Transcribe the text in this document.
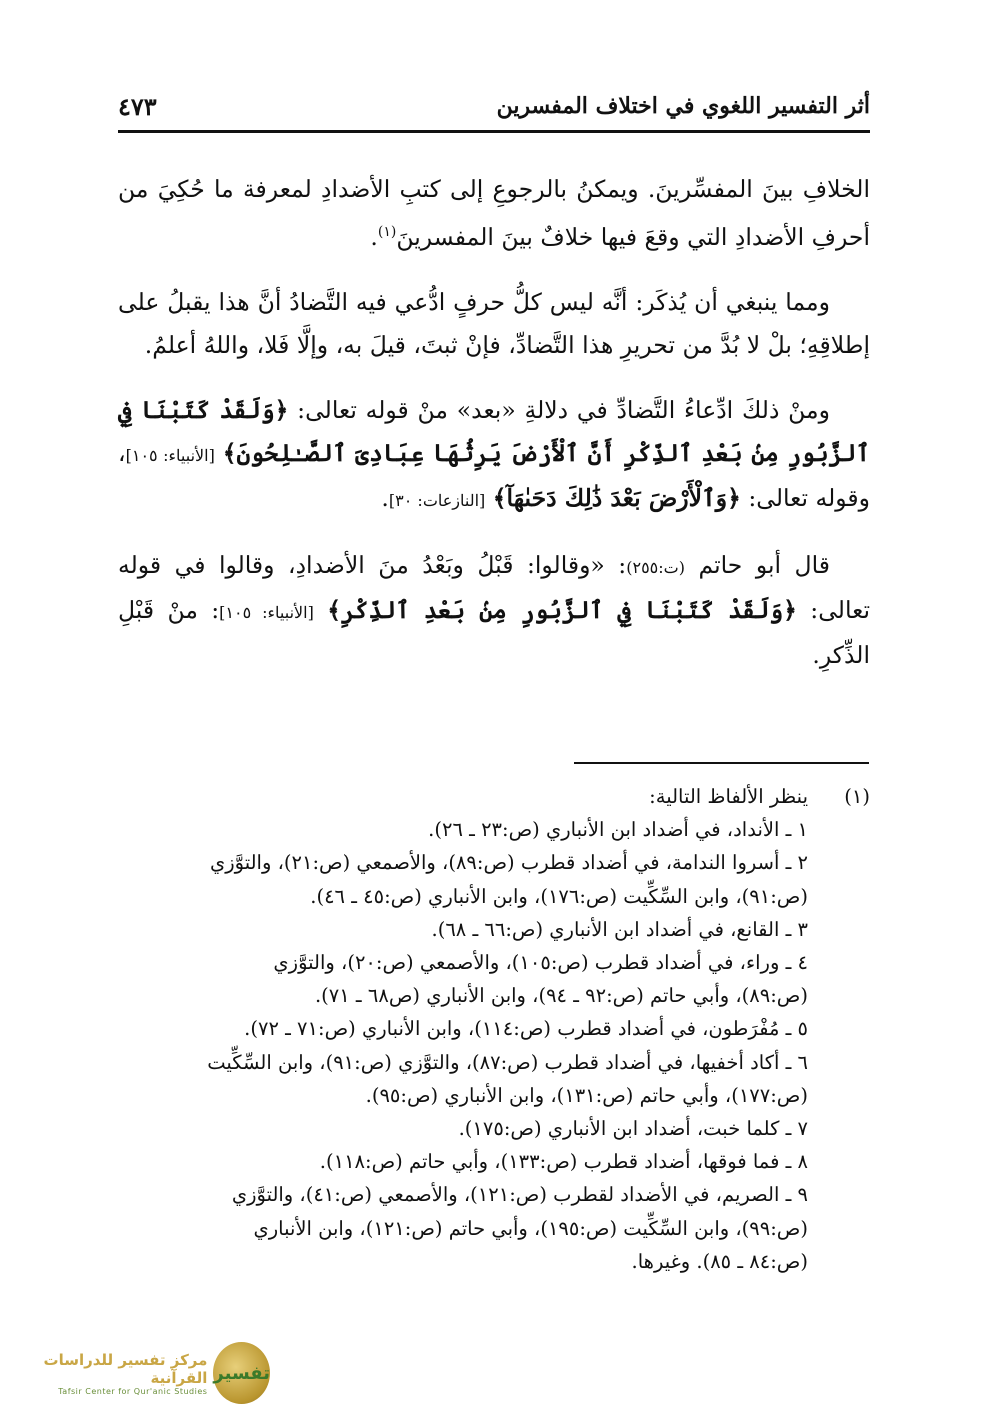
أثر التفسير اللغوي في اختلاف المفسرين
٤٧٣

الخلافِ بينَ المفسِّرينَ. ويمكنُ بالرجوعِ إلى كتبِ الأضدادِ لمعرفة ما حُكِيَ من أحرفِ الأضدادِ التي وقعَ فيها خلافٌ بينَ المفسرينَ$^{(١)}$.

ومما ينبغي أن يُذكَر: أنَّه ليس كلُّ حرفٍ ادُّعي فيه التَّضادُ أنَّ هذا يقبلُ على إطلاقِهِ؛ بلْ لا بُدَّ من تحريرِ هذا التَّضادِّ، فإنْ ثبتَ، قيلَ به، وإلَّا فَلا، واللهُ أعلمُ.

ومنْ ذلكَ ادِّعاءُ التَّضادِّ في دلالةِ «بعد» منْ قوله تعالى: ﴿وَلَقَدْ كَتَبْنَا فِي ٱلزَّبُورِ مِنۢ بَعْدِ ٱلذِّكْرِ أَنَّ ٱلْأَرْضَ يَرِثُهَا عِبَادِىَ ٱلصَّـٰلِحُونَ﴾ [الأنبياء: ١٠٥]، وقوله تعالى: ﴿وَٱلْأَرْضَ بَعْدَ ذَٰلِكَ دَحَىٰهَآ﴾ [النازعات: ٣٠].

قال أبو حاتم (ت:٢٥٥): «وقالوا: قَبْلُ وبَعْدُ منَ الأضدادِ، وقالوا في قوله تعالى: ﴿وَلَقَدْ كَتَبْنَا فِي ٱلزَّبُورِ مِنۢ بَعْدِ ٱلذِّكْرِ﴾ [الأنبياء: ١٠٥]: منْ قَبْلِ الذِّكرِ.

(١)

ينظر الألفاظ التالية:

١ ـ الأنداد، في أضداد ابن الأنباري (ص:٢٣ ـ ٢٦).

٢ ـ أسروا الندامة، في أضداد قطرب (ص:٨٩)، والأصمعي (ص:٢١)، والتوَّزي

(ص:٩١)، وابن السِّكِّيت (ص:١٧٦)، وابن الأنباري (ص:٤٥ ـ ٤٦).

٣ ـ القانع، في أضداد ابن الأنباري (ص:٦٦ ـ ٦٨).

٤ ـ وراء، في أضداد قطرب (ص:١٠٥)، والأصمعي (ص:٢٠)، والتوَّزي

(ص:٨٩)، وأبي حاتم (ص:٩٢ ـ ٩٤)، وابن الأنباري (ص٦٨ ـ ٧١).

٥ ـ مُفْرَطون، في أضداد قطرب (ص:١١٤)، وابن الأنباري (ص:٧١ ـ ٧٢).

٦ ـ أكاد أخفيها، في أضداد قطرب (ص:٨٧)، والتوَّزي (ص:٩١)، وابن السِّكِّيت

(ص:١٧٧)، وأبي حاتم (ص:١٣١)، وابن الأنباري (ص:٩٥).

٧ ـ كلما خبت، أضداد ابن الأنباري (ص:١٧٥).

٨ ـ فما فوقها، أضداد قطرب (ص:١٣٣)، وأبي حاتم (ص:١١٨).

٩ ـ الصريم، في الأضداد لقطرب (ص:١٢١)، والأصمعي (ص:٤١)، والتوَّزي

(ص:٩٩)، وابن السِّكِّيت (ص:١٩٥)، وأبي حاتم (ص:١٢١)، وابن الأنباري

(ص:٨٤ ـ ٨٥). وغيرها.

تفسير
مركز تفسير للدراسات القرآنية
Tafsir Center for Qur'anic Studies
